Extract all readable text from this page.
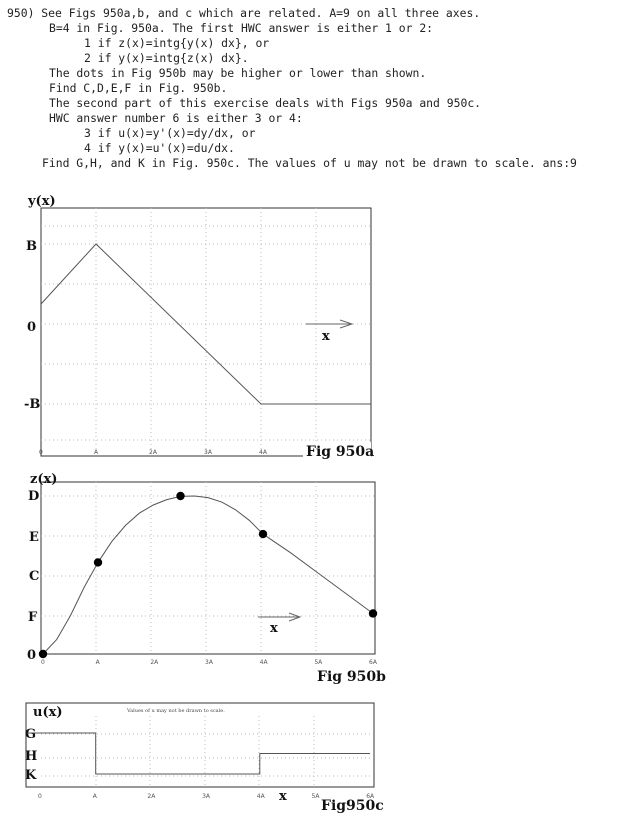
950) See Figs 950a,b, and c which are related. A=9 on all three axes.
B=4 in Fig. 950a. The first HWC answer is either 1 or 2:
1 if z(x)=intg{y(x) dx}, or
2 if y(x)=intg{z(x) dx}.
The dots in Fig 950b may be higher or lower than shown.
Find C,D,E,F in Fig. 950b.
The second part of this exercise deals with Figs 950a and 950c.
HWC answer number 6 is either 3 or 4:
3 if u(x)=y'(x)=dy/dx, or
4 if y(x)=u'(x)=du/dx.
Find G,H, and K in Fig. 950c. The values of u may not be drawn to scale. ans:9
y(x)
B
0
-B
0	A	2A	3A	4A
x
Fig 950a
z(x)
D
E
C
F
0 0	A	2A	3A	4A	5A	6A
x
Fig 950b
Values of u may not be drawn to scale.
u(x)
G
H
K
0	A	2A	3A	4A	5A	6A
x
Fig950c
